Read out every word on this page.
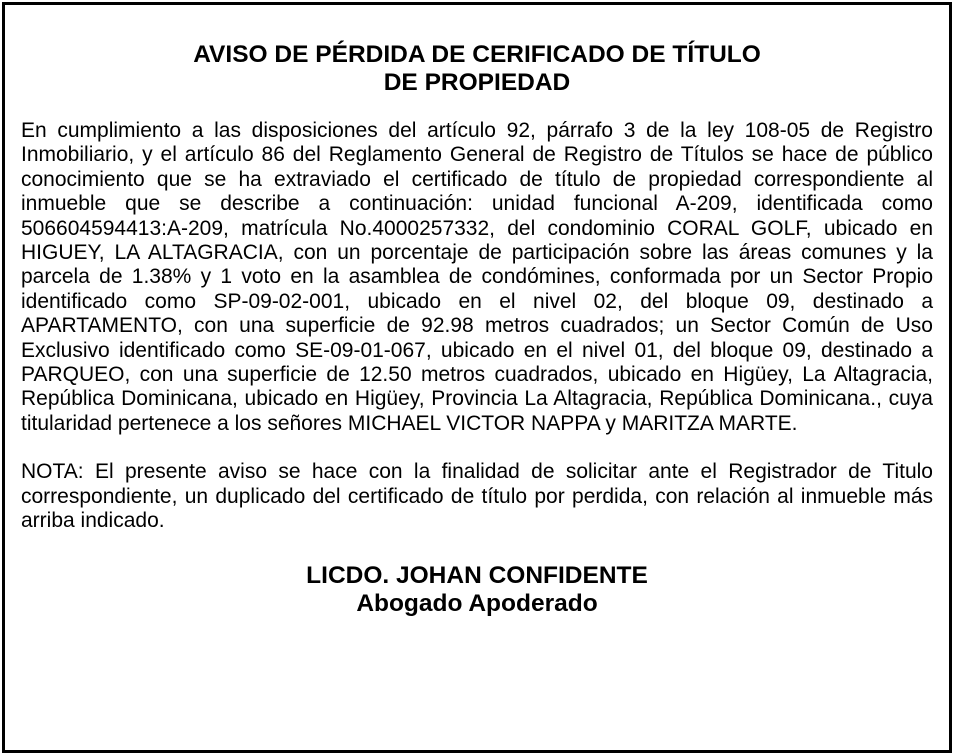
AVISO DE PÉRDIDA DE CERIFICADO DE TÍTULO
DE PROPIEDAD

En cumplimiento a las disposiciones del artículo 92, párrafo 3 de la ley 108-05 de Registro Inmobiliario, y el artículo 86 del Reglamento General de Registro de Títulos se hace de público conocimiento que se ha extraviado el certificado de título de propiedad correspondiente al inmueble que se describe a continuación: unidad funcional A-209, identificada como 506604594413:A-209, matrícula No.4000257332, del condominio CORAL GOLF, ubicado en HIGUEY, LA ALTAGRACIA, con un porcentaje de participación sobre las áreas comunes y la parcela de 1.38% y 1 voto en la asamblea de condómines, conformada por un Sector Propio identificado como SP-09-02-001, ubicado en el nivel 02, del bloque 09, destinado a APARTAMENTO, con una superficie de 92.98 metros cuadrados; un Sector Común de Uso Exclusivo identificado como SE-09-01-067, ubicado en el nivel 01, del bloque 09, destinado a PARQUEO, con una superficie de 12.50 metros cuadrados, ubicado en Higüey, La Altagracia, República Dominicana, ubicado en Higüey, Provincia La Altagracia, República Dominicana., cuya titularidad pertenece a los señores MICHAEL VICTOR NAPPA y MARITZA MARTE.

NOTA: El presente aviso se hace con la finalidad de solicitar ante el Registrador de Titulo correspondiente, un duplicado del certificado de título por perdida, con relación al inmueble más arriba indicado.

LICDO. JOHAN CONFIDENTE
Abogado Apoderado
